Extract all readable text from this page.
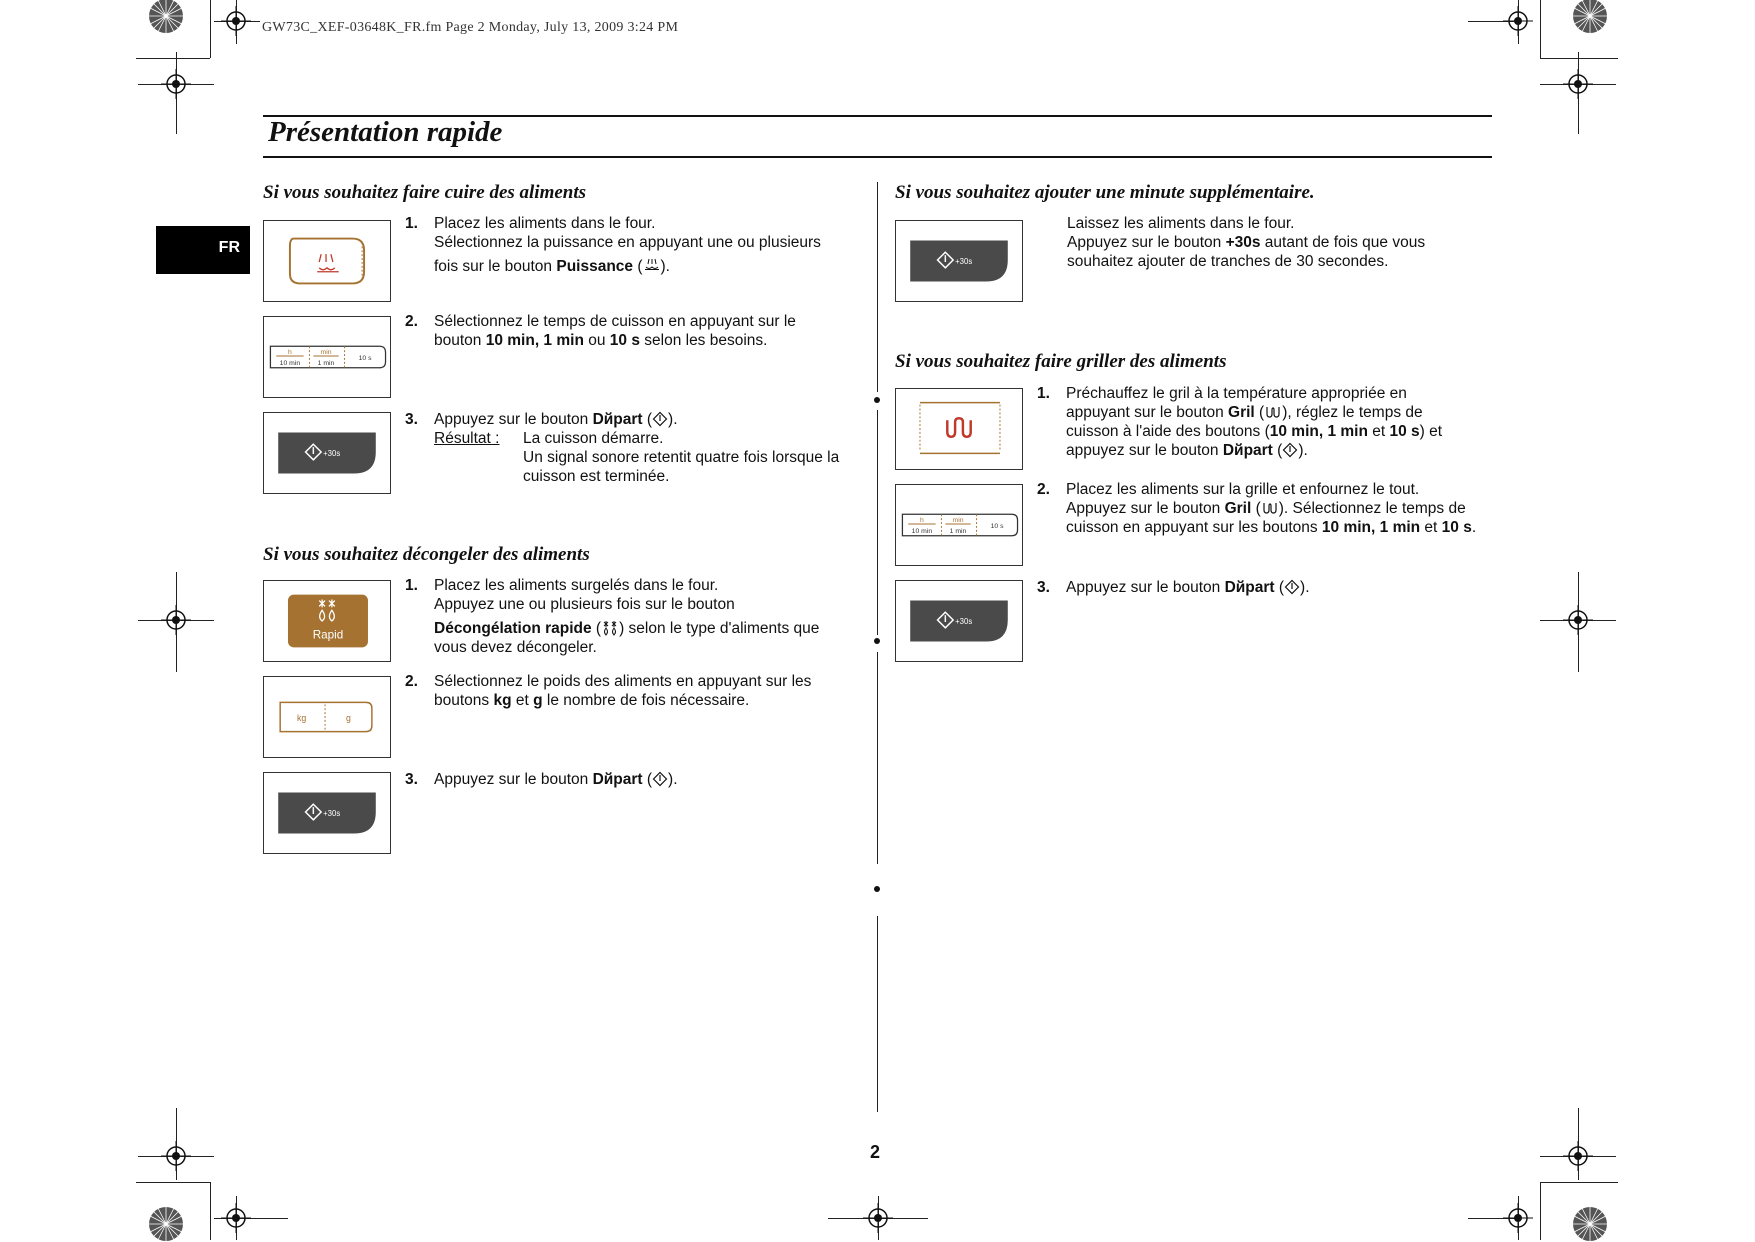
GW73C_XEF-03648K_FR.fm Page 2 Monday, July 13, 2009 3:24 PM
Présentation rapide
FR
Si vous souhaitez faire cuire des aliments
1. Placez les aliments dans le four.
Sélectionnez la puissance en appuyant une ou plusieurs
fois sur le bouton Puissance ( ).
h	min
10 min	1 min
10 s
2. Sélectionnez le temps de cuisson en appuyant sur le
bouton 10 min, 1 min ou 10 s selon les besoins.
+30s
3. Appuyez sur le bouton Dйpart ( ).
Résultat : La cuisson démarre.
Un signal sonore retentit quatre fois lorsque la
cuisson est terminée.
Si vous souhaitez décongeler des aliments
Rapid
1. Placez les aliments surgelés dans le four.
Appuyez une ou plusieurs fois sur le bouton
Décongélation rapide ( ) selon le type d'aliments que
vous devez décongeler.
kg	g
2. Sélectionnez le poids des aliments en appuyant sur les
boutons kg et g le nombre de fois nécessaire.
+30s
3. Appuyez sur le bouton Dйpart ( ).
Si vous souhaitez ajouter une minute supplémentaire.
+30s
Laissez les aliments dans le four.
Appuyez sur le bouton +30s autant de fois que vous
souhaitez ajouter de tranches de 30 secondes.
Si vous souhaitez faire griller des aliments
1. Préchauffez le gril à la température appropriée en
appuyant sur le bouton Gril ( ), réglez le temps de
cuisson à l'aide des boutons (10 min, 1 min et 10 s) et
appuyez sur le bouton Dйpart ( ).
h	min
10 min	1 min
10 s
2. Placez les aliments sur la grille et enfournez le tout.
Appuyez sur le bouton Gril ( ). Sélectionnez le temps de
cuisson en appuyant sur les boutons 10 min, 1 min et 10 s.
+30s
3. Appuyez sur le bouton Dйpart ( ).
2
